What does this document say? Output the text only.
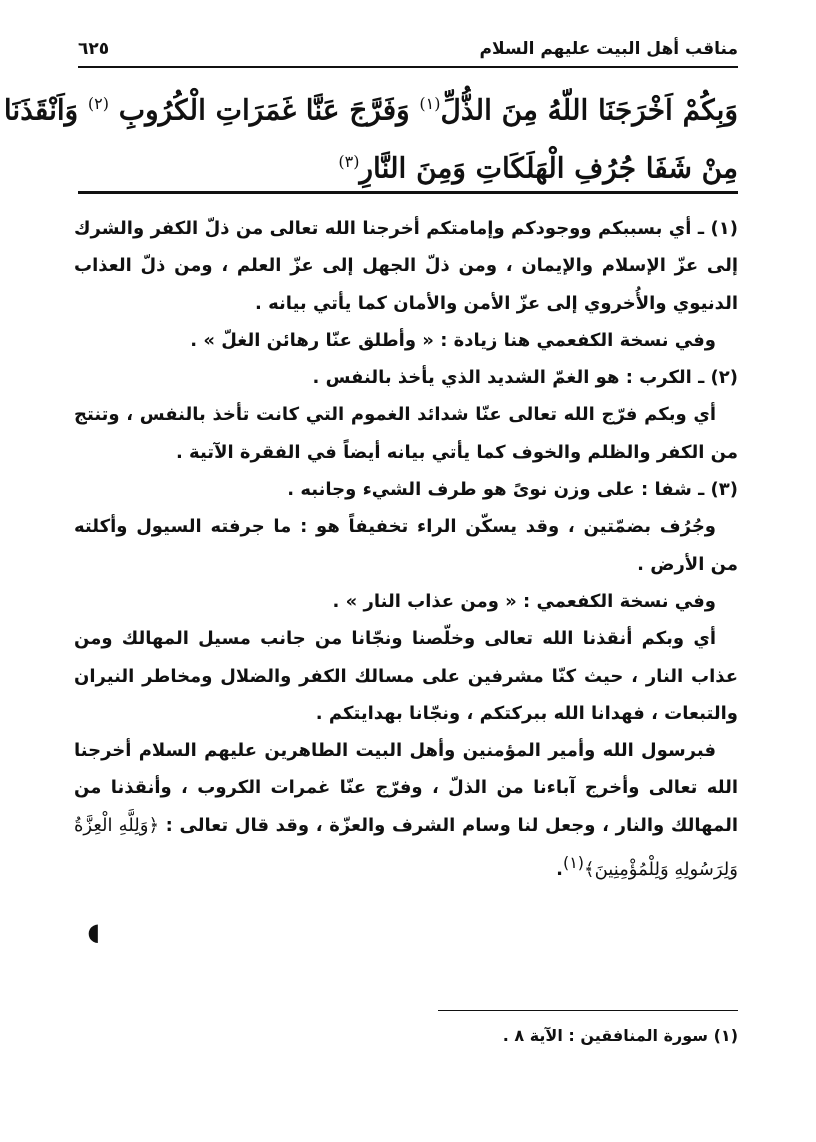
مناقب أهل البيت عليهم السلام
٦٢٥
وَبِكُمْ اَخْرَجَنَا اللّهُ مِنَ الذُّلِّ$^{(١)}$ وَفَرَّجَ عَنَّا غَمَرَاتِ الْكُرُوبِ $^{(٢)}$ وَاَنْقَذَنَا
مِنْ شَفَا جُرُفِ الْهَلَكَاتِ وَمِنَ النَّارِ$^{(٣)}$

(١) ـ أي بسببكم ووجودكم وإمامتكم أخرجنا الله تعالى من ذلّ الكفر والشرك إلى عزّ الإسلام والإيمان ، ومن ذلّ الجهل إلى عزّ العلم ، ومن ذلّ العذاب الدنيوي والأُخروي إلى عزّ الأمن والأمان كما يأتي بيانه .

وفي نسخة الكفعمي هنا زيادة : « وأطلق عنّا رهائن الغلّ » .

(٢) ـ الكرب : هو الغمّ الشديد الذي يأخذ بالنفس .

أي وبكم فرّج الله تعالى عنّا شدائد الغموم التي كانت تأخذ بالنفس ، وتنتج من الكفر والظلم والخوف كما يأتي بيانه أيضاً في الفقرة الآتية .

(٣) ـ شفا : على وزن نوىً هو طرف الشيء وجانبه .

وجُرُف بضمّتين ، وقد يسكّن الراء تخفيفاً هو : ما جرفته السيول وأكلته من الأرض .

وفي نسخة الكفعمي : « ومن عذاب النار » .

أي وبكم أنقذنا الله تعالى وخلّصنا ونجّانا من جانب مسيل المهالك ومن عذاب النار ، حيث كنّا مشرفين على مسالك الكفر والضلال ومخاطر النيران والتبعات ، فهدانا الله ببركتكم ، ونجّانا بهدايتكم .

فبرسول الله وأمير المؤمنين وأهل البيت الطاهرين عليهم السلام أخرجنا الله تعالى وأخرج آباءنا من الذلّ ، وفرّج عنّا غمرات الكروب ، وأنقذنا من المهالك والنار ، وجعل لنا وسام الشرف والعزّة ، وقد قال تعالى : ﴿وَلِلَّهِ الْعِزَّةُ وَلِرَسُولِهِ وَلِلْمُؤْمِنِينَ﴾(١).

◖
(١) سورة المنافقين : الآية ٨ .
